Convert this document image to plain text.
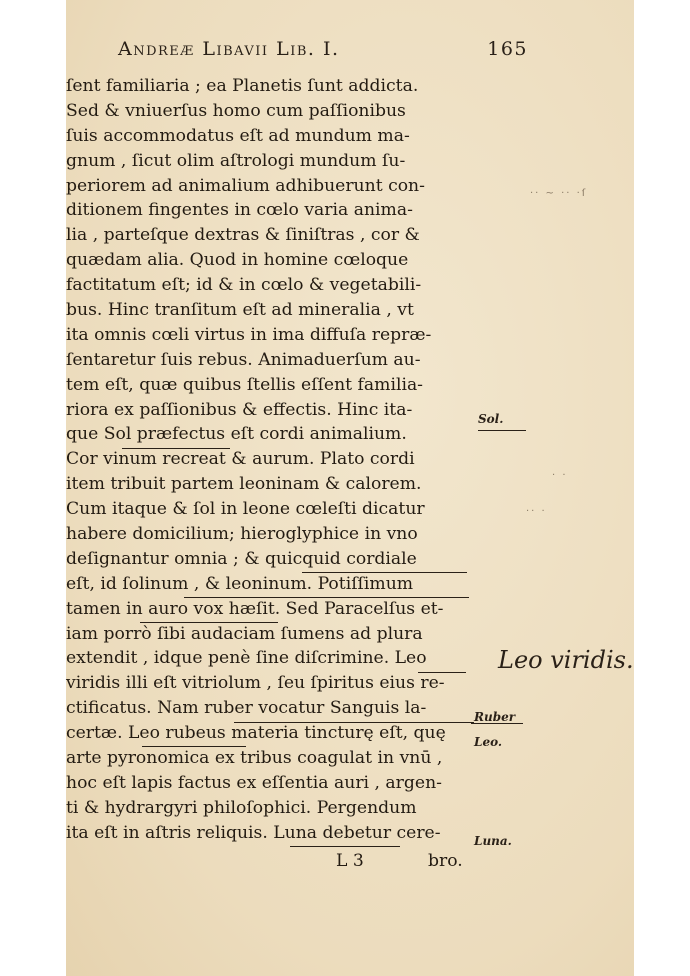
Andreæ Libavii Lib. I.	165
ſent familiaria ; ea Planetis ſunt addicta.
Sed & vniuerſus homo cum paſſionibus
ſuis accommodatus eſt ad mundum ma-
gnum , ſicut olim aſtrologi mundum ſu-
periorem ad animalium adhibuerunt con-
ditionem fingentes in cœlo varia anima-
lia , parteſque dextras & ſiniſtras , cor &
quædam alia. Quod in homine cœloque
factitatum eſt; id & in cœlo & vegetabili-
bus. Hinc tranſitum eſt ad mineralia , vt
ita omnis cœli virtus in ima diffuſa repræ-
ſentaretur ſuis rebus. Animaduerſum au-
tem eſt, quæ quibus ſtellis eſſent familia-
riora ex paſſionibus & effectis. Hinc ita-
que Sol præfectus eſt cordi animalium.
Cor vinum recreat & aurum. Plato cordi
item tribuit partem leoninam & calorem.
Cum itaque & ſol in leone cœleſti dicatur
habere domicilium; hieroglyphice in vno
deſignantur omnia ; & quicquid cordiale
eſt, id ſolinum , & leoninum. Potiſſimum
tamen in auro vox hæſit. Sed Paracelſus et-
iam porrò ſibi audaciam ſumens ad plura
extendit , idque penè ſine diſcrimine. Leo
viridis illi eſt vitriolum , ſeu ſpiritus eius re-
ctificatus. Nam ruber vocatur Sanguis la-
certæ. Leo rubeus materia tincturę eſt, quę
arte pyronomica ex tribus coagulat in vnū ,
hoc eſt lapis factus ex eſſentia auri , argen-
ti & hydrargyri philoſophici. Pergendum
ita eſt in aſtris reliquis. Luna debetur cere-
Sol.
Leo viridis.
Ruber
Leo.
Luna.
·· ~ ·· ·ſ
· ·
·· ·
L 3	bro.
